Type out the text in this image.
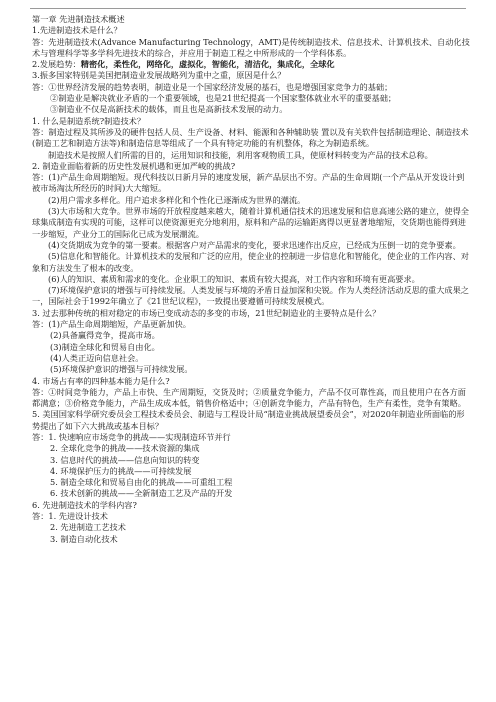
第一章 先进制造技术概述

1.先进制造技术是什么？

答：先进制造技术(Advance Manufacturing Technology，AMT)是传统制造技术、信息技术、计算机技术、自动化技术与管理科学等多学科先进技术的综合，并应用于制造工程之中所形成的一个学科体系。

2.发展趋势：精密化，柔性化，网络化，虚拟化，智能化，清洁化，集成化，全球化

3.振多国家特别是美国把制造业发展战略列为重中之重，原因是什么？

答：①世界经济发展的趋势表明，制造业是一个国家经济发展的基石，也是增强国家竞争力的基础；

②制造业是解决就业矛盾的一个重要领域，也是21世纪提高一个国家整体就业水平的重要基础；

③制造业不仅是高新技术的载体，而且也是高新技术发展的动力。

1. 什么是制造系统?制造技术？

答：制造过程及其所涉及的硬件包括人员、生产设备、材料、能源和各种辅助装 置以及有关软件包括制造理论、制造技术(制造工艺和制造方法等)和制造信息等组成了一个具有特定功能的有机整体，称之为制造系统。

制造技术是按照人们所需的目的，运用知识和技能，利用客观物质工具，使原材料转变为产品的技术总称。

2. 制造业面临着新的历史性发展机遇和更加严峻的挑战?

答：(1)产品生命周期缩短。现代科技以日新月异的速度发展，新产品层出不穷。产品的生命周期(一个产品从开发设计到被市场淘汰所经历的时间)大大缩短。

(2)用户需求多样化。用户追求多样化和个性化已逐渐成为世界的潮流。

(3)大市场和大竞争。世界市场的开放程度越来越大，随着计算机通信技术的迅速发展和信息高速公路的建立，使得全球集成制造有实现的可能，这样可以使资源更充分地利用，原料和产品的运输距离得以更显著地缩短，交货期也能得到进一步缩短，产业分工的国际化已成为发展潮流。

(4)交货期成为竞争的第一要素。根据客户对产品需求的变化，要求迅速作出反应，已经成为压倒一切的竞争要素。

(5)信息化和智能化。计算机技术的发展和广泛的应用，使企业的控制进一步信息化和智能化，使企业的工作内容、对象和方法发生了根本的改变。

(6)人的知识、素质和需求的变化。企业职工的知识、素质有较大提高，对工作内容和环境有更高要求。

(7)环境保护意识的增强与可持续发展。人类发展与环境的矛盾日益加深和尖锐。作为人类经济活动反思的重大成果之一，国际社会于1992年确立了《21世纪议程》，一致提出要遵循可持续发展模式。

3. 过去那种传统的相对稳定的市场已变成动态的多变的市场，21世纪制造业的主要特点是什么？

答：(1)产品生命周期缩短，产品更新加快。

(2)具备赢得竞争，提高市场。

(3)制造全球化和贸易自由化。

(4)人类正迈向信息社会。

(5)环境保护意识的增强与可持续发展。

4. 市场占有率的四种基本能力是什么?

答：①时间竞争能力，产品上市快、生产周期短，交货及时；②质量竞争能力，产品不仅可靠性高，而且使用户在各方面都满意；③价格竞争能力，产品生成成本低，销售价格适中；④创新竞争能力，产品有特色，生产有柔性，竞争有策略。

5. 美国国家科学研究委员会工程技术委员会、制造与工程设计局“制造业挑战展望委员会”，对2020年制造业所面临的形势提出了如下六大挑战或基本目标？

答：1. 快速响应市场竞争的挑战——实现制造环节并行

2. 全球化竞争的挑战——技术资源的集成

3. 信息时代的挑战——信息向知识的转变

4. 环境保护压力的挑战——可持续发展

5. 制造全球化和贸易自由化的挑战——可重组工程

6. 技术创新的挑战——全新制造工艺及产品的开发

6. 先进制造技术的学科内容?

答：1. 先进设计技术

2. 先进制造工艺技术

3. 制造自动化技术
